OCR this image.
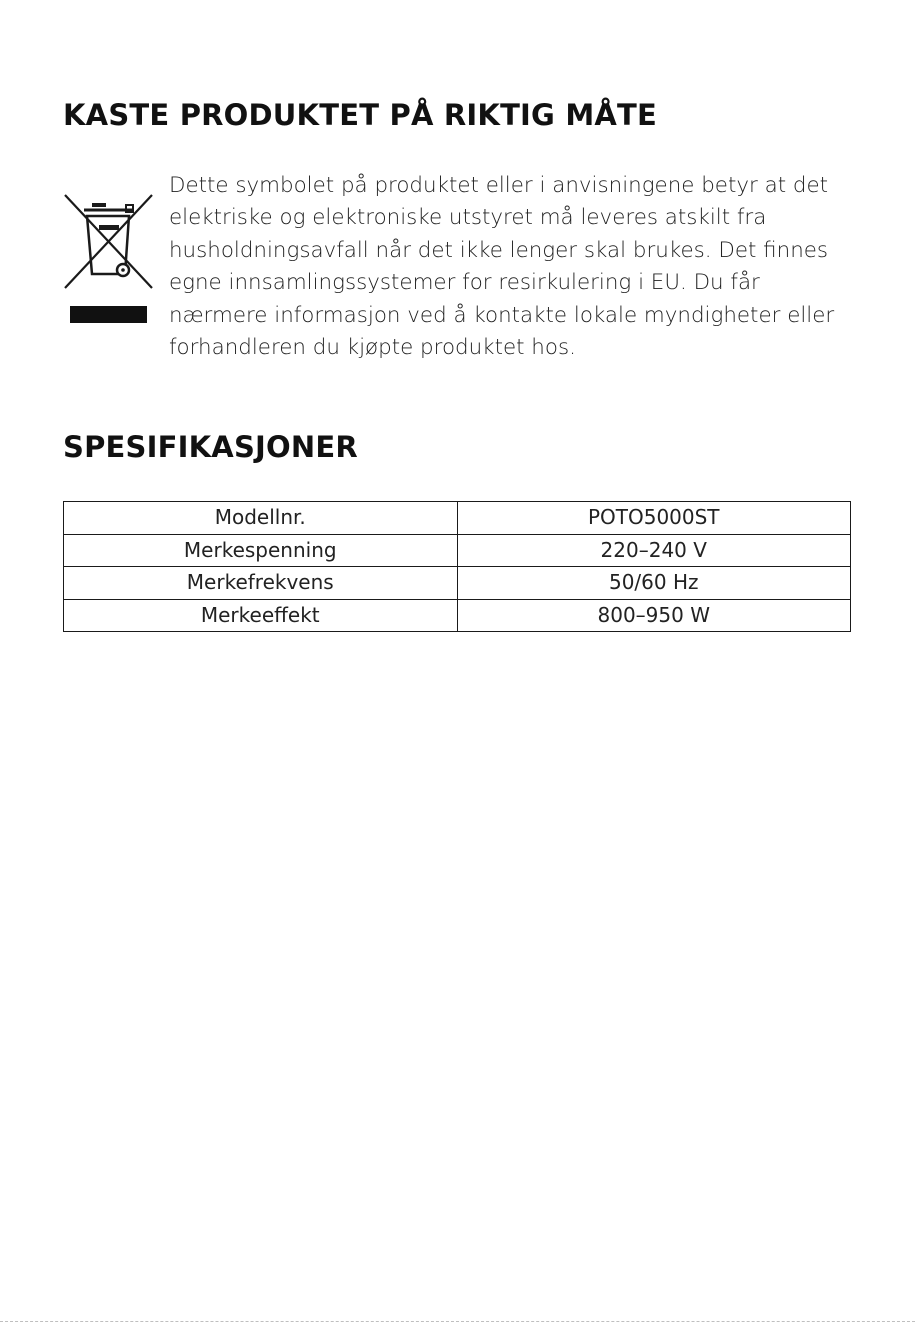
KASTE PRODUKTET PÅ RIKTIG MÅTE

Dette symbolet på produktet eller i anvisningene betyr at det
elektriske og elektroniske utstyret må leveres atskilt fra
husholdningsavfall når det ikke lenger skal brukes. Det finnes
egne innsamlingssystemer for resirkulering i EU. Du får
nærmere informasjon ved å kontakte lokale myndigheter eller
forhandleren du kjøpte produktet hos.

SPESIFIKASJONER
Modellnr.	POTO5000ST
Merkespenning	220–240 V
Merkefrekvens	50/60 Hz
Merkeeffekt	800–950 W
